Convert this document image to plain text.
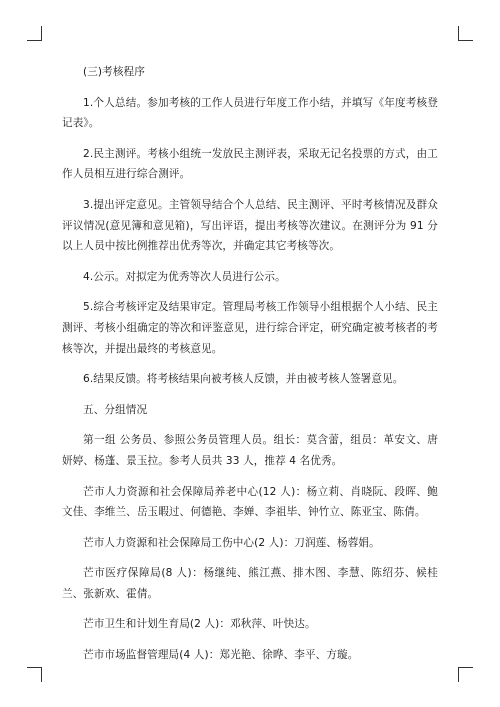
(三)考核程序

1.个人总结。参加考核的工作人员进行年度工作小结，并填写《年度考核登记表》。

2.民主测评。考核小组统一发放民主测评表，采取无记名投票的方式，由工作人员相互进行综合测评。

3.提出评定意见。主管领导结合个人总结、民主测评、平时考核情况及群众评议情况(意见簿和意见箱)，写出评语，提出考核等次建议。在测评分为 91 分以上人员中按比例推荐出优秀等次，并确定其它考核等次。

4.公示。对拟定为优秀等次人员进行公示。

5.综合考核评定及结果审定。管理局考核工作领导小组根据个人小结、民主测评、考核小组确定的等次和评鉴意见，进行综合评定，研究确定被考核者的考核等次，并提出最终的考核意见。

6.结果反馈。将考核结果向被考核人反馈，并由被考核人签署意见。

五、分组情况

第一组 公务员、参照公务员管理人员。组长：莫含蕾，组员：革安文、唐妍婷、杨蓬、景玉拉。参考人员共 33 人，推荐 4 名优秀。

芒市人力资源和社会保障局养老中心(12 人)：杨立莉、肖晓阮、段晖、鲍文佳、李维兰、岳玉暇过、何德艳、李婵、李祖毕、钟竹立、陈亚宝、陈倩。

芒市人力资源和社会保障局工伤中心(2 人)：刀润莲、杨蓉娟。

芒市医疗保障局(8 人)：杨继纯、熊江燕、排木图、李慧、陈绍芬、候桂兰、张新欢、霍倩。

芒市卫生和计划生育局(2 人)：邓秋萍、叶快达。

芒市市场监督管理局(4 人)：郑光艳、徐晔、李平、方璇。
